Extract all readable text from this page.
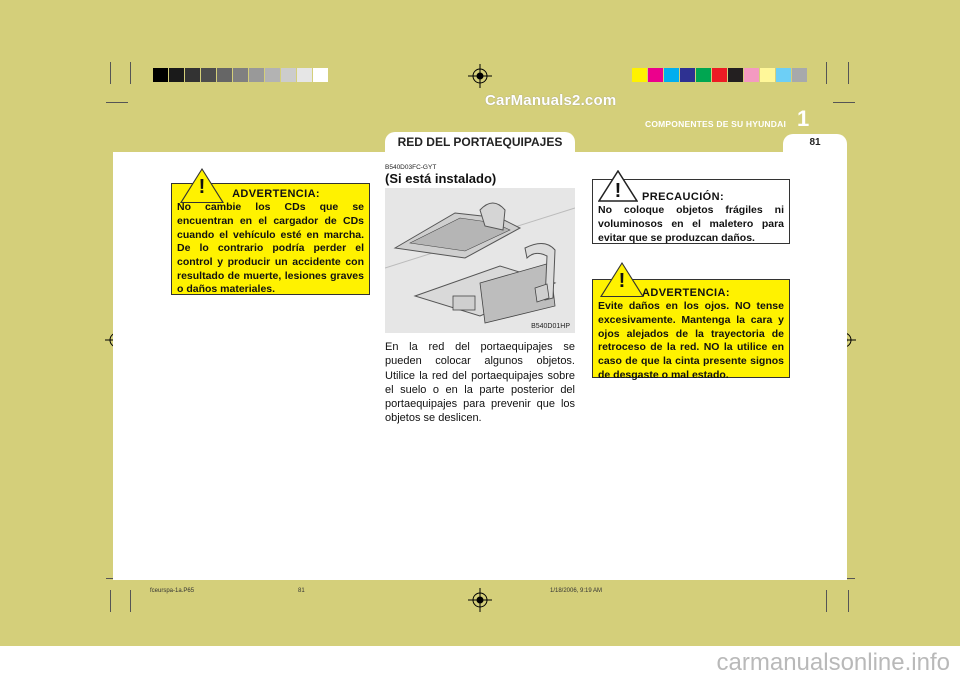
CarManuals2.com
COMPONENTES DE SU HYUNDAI 1
RED DEL PORTAEQUIPAJES	81
ADVERTENCIA:
No cambie los CDs que se encuentran en el cargador de CDs cuando el vehículo esté en marcha. De lo contrario podría perder el control y producir un accidente con resultado de muerte, lesiones graves o daños materiales.
!
B540D03FC-GYT
(Si está instalado)
B540D01HP
En la red del portaequipajes se pueden colocar algunos objetos. Utilice la red del portaequipajes sobre el suelo o en la parte posterior del portaequipajes para prevenir que los objetos se deslicen.
PRECAUCIÓN:
No coloque objetos frágiles ni voluminosos en el maletero para evitar que se produzcan daños.
!
ADVERTENCIA:
Evite daños en los ojos. NO tense excesivamente. Mantenga la cara y ojos alejados de la trayectoria de retroceso de la red. NO la utilice en caso de que la cinta presente signos de desgaste o mal estado.
!
fceurspa-1a.P65	81	1/18/2006, 9:19 AM
carmanualsonline.info
